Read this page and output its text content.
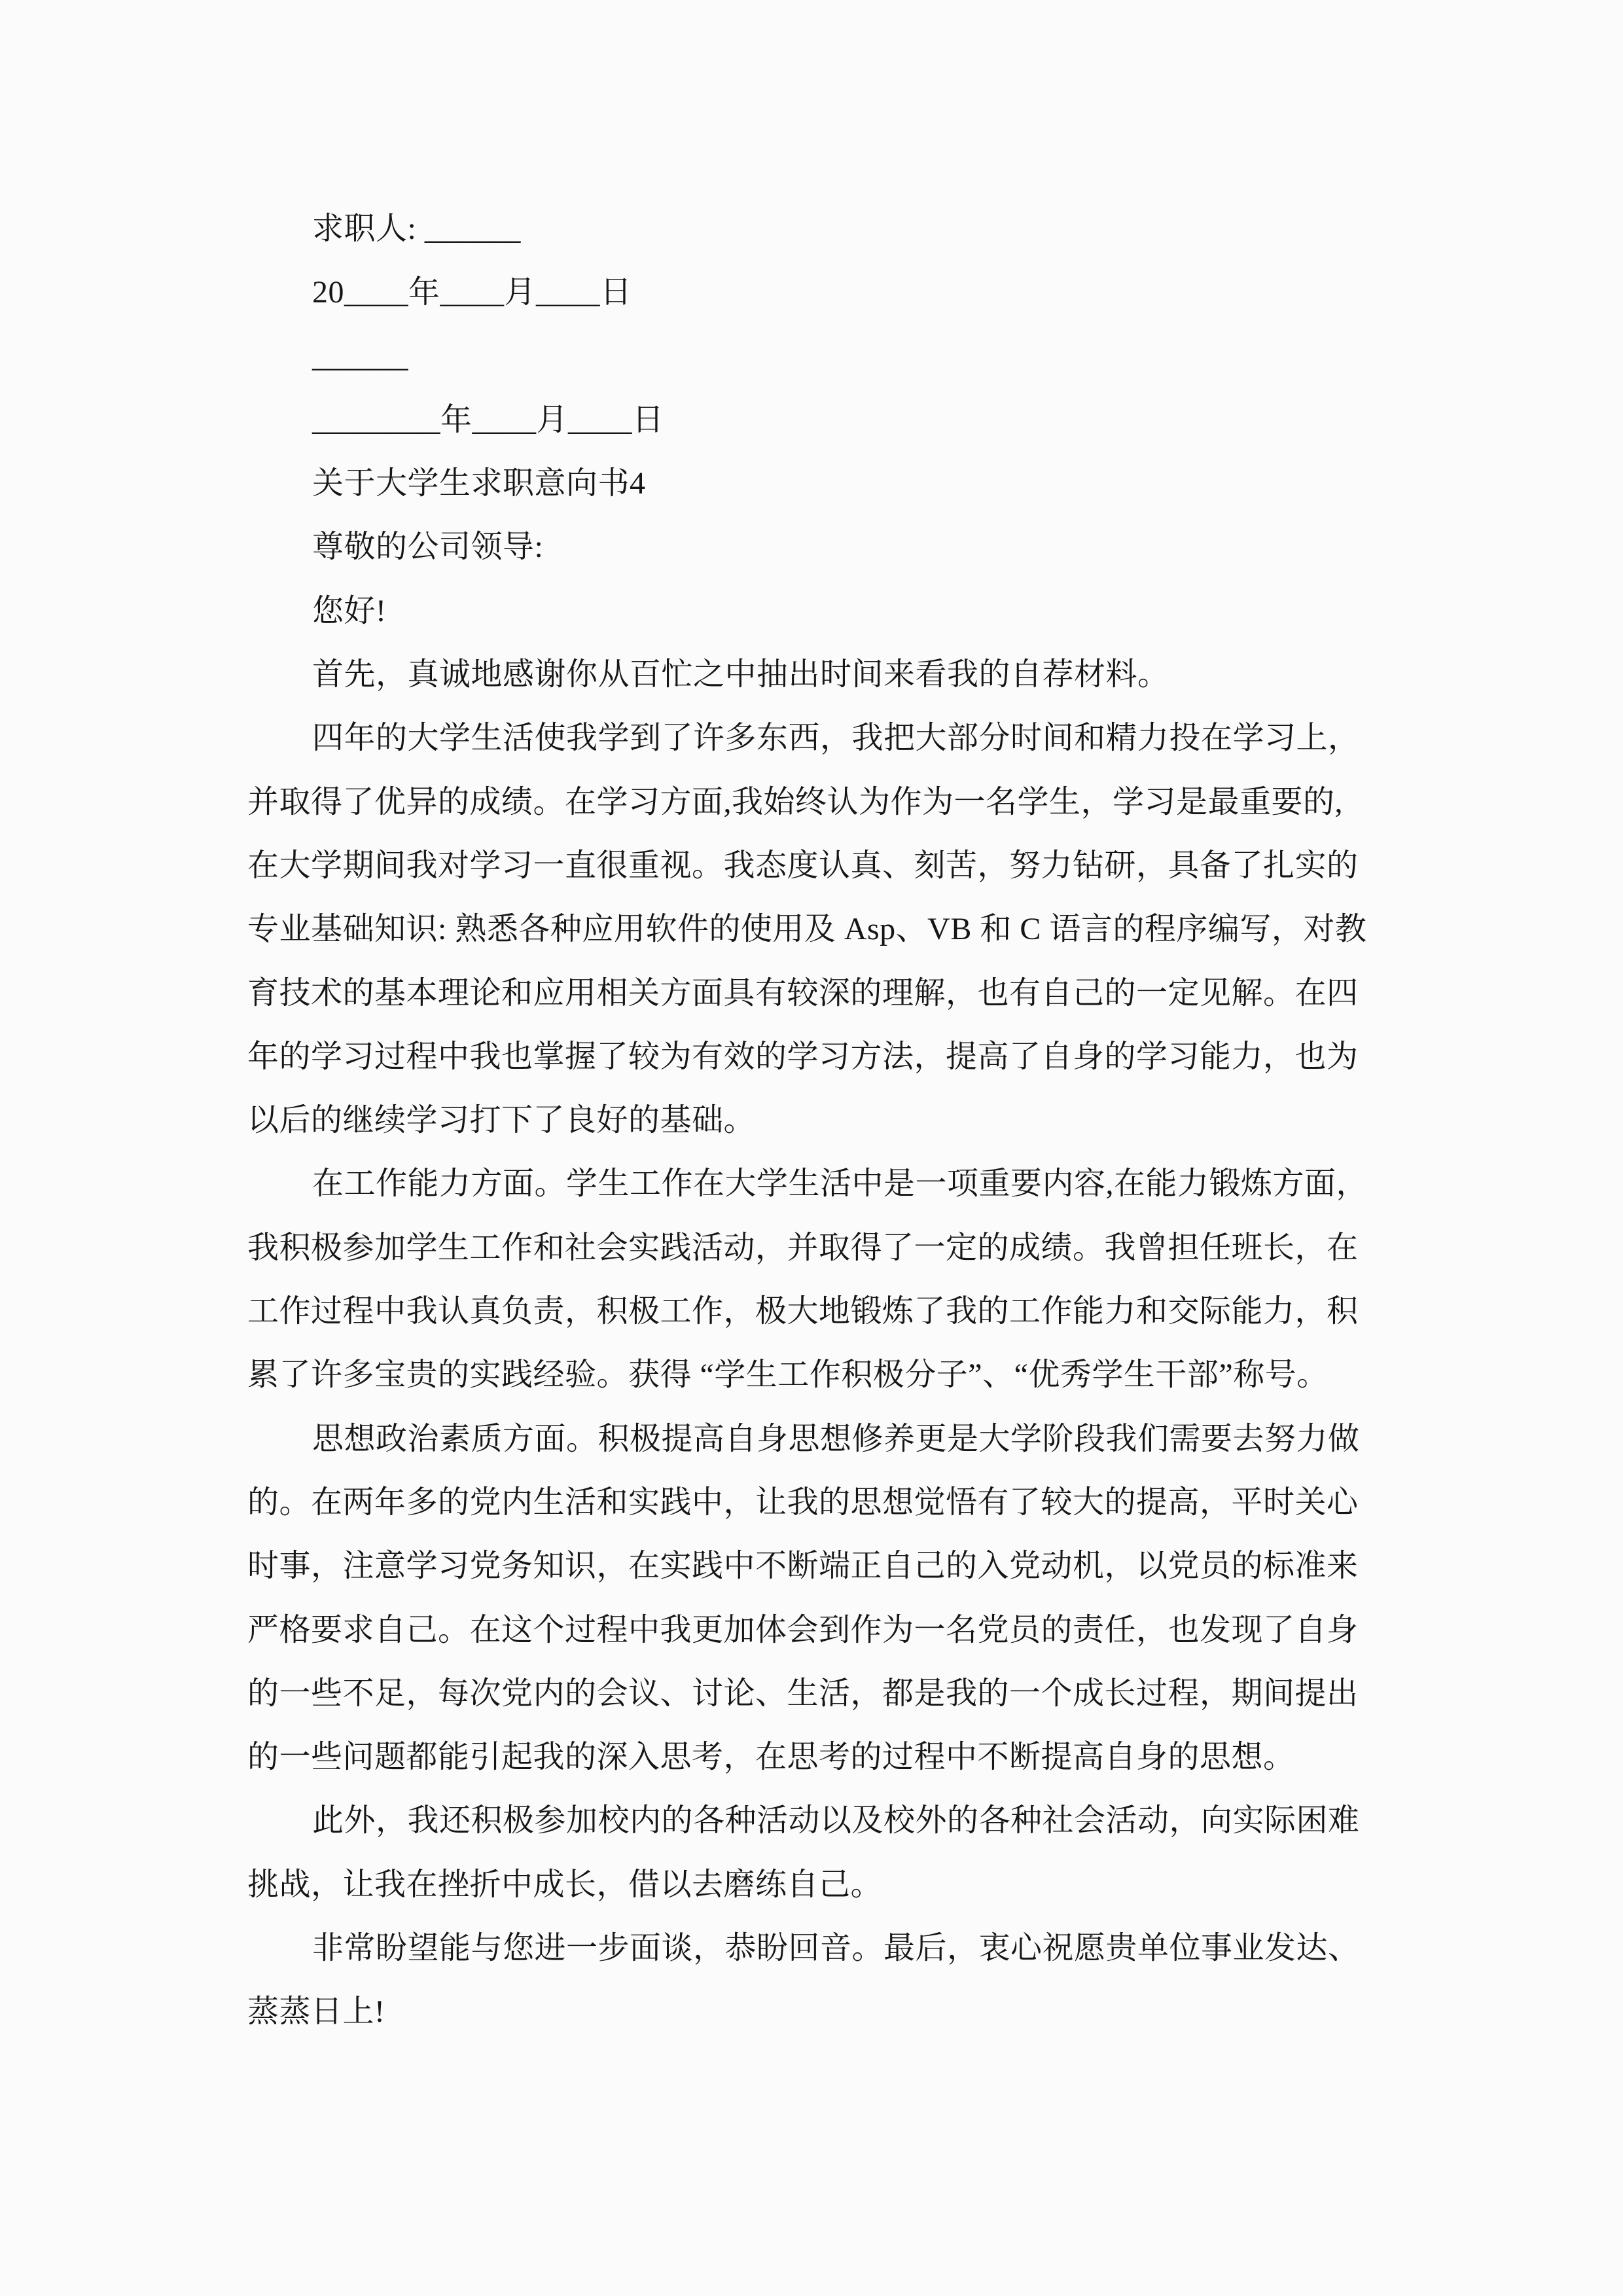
求职人: ______
20____年____月____日
______
________年____月____日
关于大学生求职意向书4
尊敬的公司领导:
您好!
首先，真诚地感谢你从百忙之中抽出时间来看我的自荐材料。
四年的大学生活使我学到了许多东西，我把大部分时间和精力投在学习上，
并取得了优异的成绩。在学习方面,我始终认为作为一名学生，学习是最重要的,
在大学期间我对学习一直很重视。我态度认真、刻苦，努力钻研，具备了扎实的
专业基础知识: 熟悉各种应用软件的使用及 Asp、VB 和 C 语言的程序编写，对教
育技术的基本理论和应用相关方面具有较深的理解，也有自己的一定见解。在四
年的学习过程中我也掌握了较为有效的学习方法，提高了自身的学习能力，也为
以后的继续学习打下了良好的基础。
在工作能力方面。学生工作在大学生活中是一项重要内容,在能力锻炼方面，
我积极参加学生工作和社会实践活动，并取得了一定的成绩。我曾担任班长，在
工作过程中我认真负责，积极工作，极大地锻炼了我的工作能力和交际能力，积
累了许多宝贵的实践经验。获得 “学生工作积极分子”、“优秀学生干部”称号。
思想政治素质方面。积极提高自身思想修养更是大学阶段我们需要去努力做
的。在两年多的党内生活和实践中，让我的思想觉悟有了较大的提高，平时关心
时事，注意学习党务知识，在实践中不断端正自己的入党动机，以党员的标准来
严格要求自己。在这个过程中我更加体会到作为一名党员的责任，也发现了自身
的一些不足，每次党内的会议、讨论、生活，都是我的一个成长过程，期间提出
的一些问题都能引起我的深入思考，在思考的过程中不断提高自身的思想。
此外，我还积极参加校内的各种活动以及校外的各种社会活动，向实际困难
挑战，让我在挫折中成长，借以去磨练自己。
非常盼望能与您进一步面谈，恭盼回音。最后，衷心祝愿贵单位事业发达、
蒸蒸日上!
